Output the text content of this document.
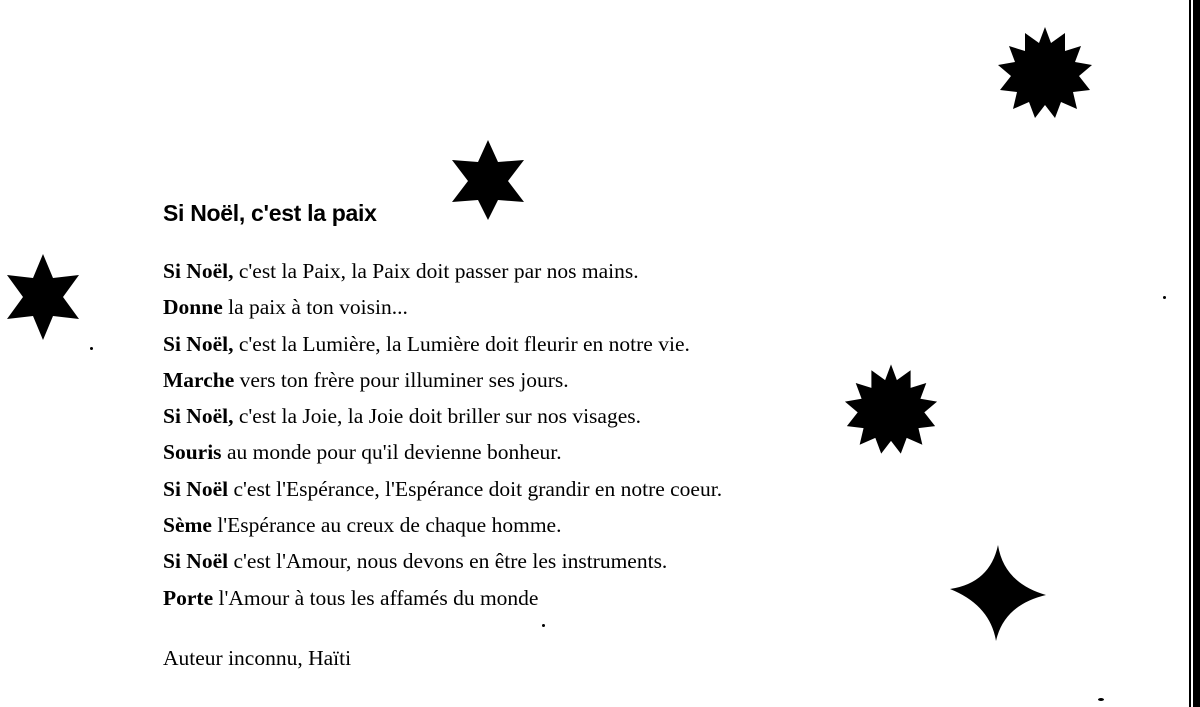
Si Noël, c'est la paix
Si Noël, c'est la Paix, la Paix doit passer par nos mains.
Donne la paix à ton voisin...
Si Noël, c'est la Lumière, la Lumière doit fleurir en notre vie.
Marche vers ton frère pour illuminer ses jours.
Si Noël, c'est la Joie, la Joie doit briller sur nos visages.
Souris au monde pour qu'il devienne bonheur.
Si Noël c'est l'Espérance, l'Espérance doit grandir en notre coeur.
Sème l'Espérance au creux de chaque homme.
Si Noël c'est l'Amour, nous devons en être les instruments.
Porte l'Amour à tous les affamés du monde
Auteur inconnu, Haïti
